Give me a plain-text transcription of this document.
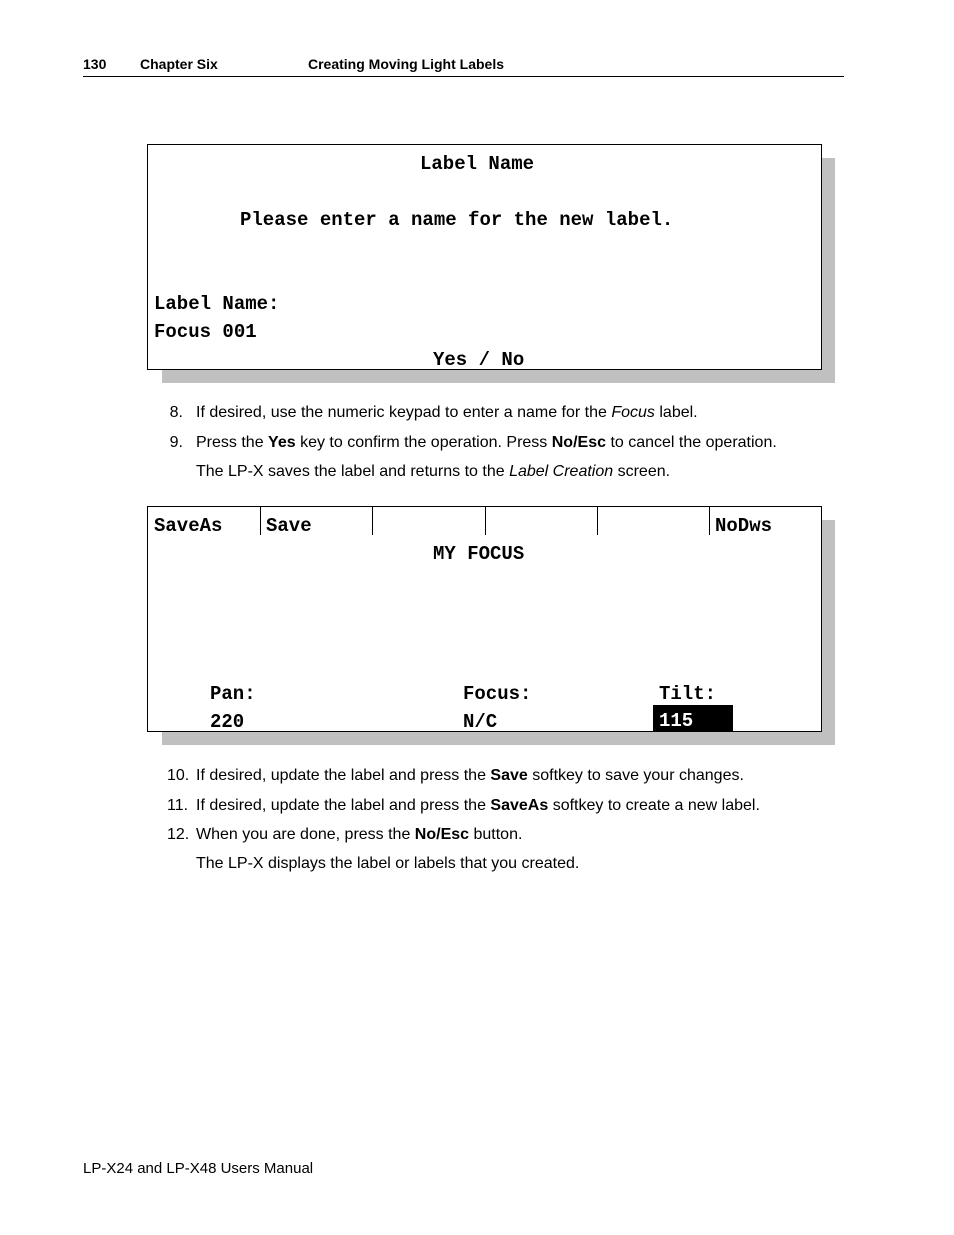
130 Chapter Six	Creating Moving Light Labels
Label Name
Please enter a name for the new label.
Label Name:
Focus 001
Yes / No
8. If desired, use the numeric keypad to enter a name for the Focus label.
9. Press the Yes key to confirm the operation. Press No/Esc to cancel the operation.
The LP-X saves the label and returns to the Label Creation screen.
SaveAs Save	NoDws
MY FOCUS
Pan:
220
Focus:
N/C
Tilt:
115
10. If desired, update the label and press the Save softkey to save your changes.
11. If desired, update the label and press the SaveAs softkey to create a new label.
12. When you are done, press the No/Esc button.
The LP-X displays the label or labels that you created.
LP-X24 and LP-X48 Users Manual
